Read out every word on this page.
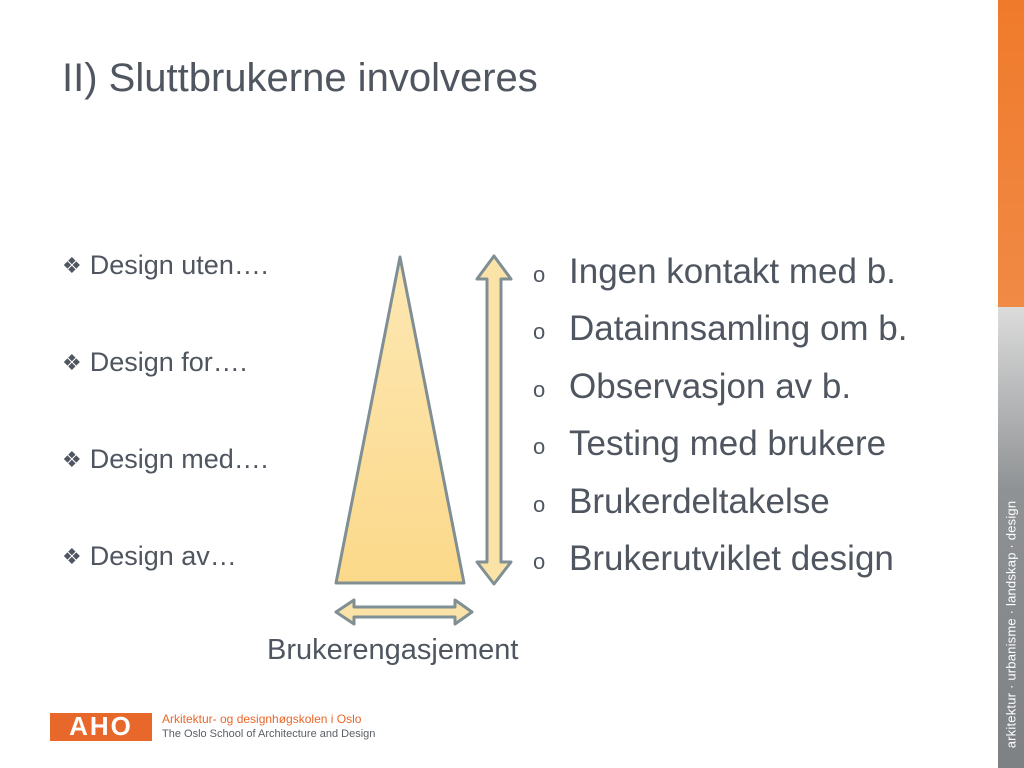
II) Sluttbrukerne involveres
❖ Design uten….
❖ Design for….
❖ Design med….
❖ Design av…
o Ingen kontakt med b.
o Datainnsamling om b.
o Observasjon av b.
o Testing med brukere
o Brukerdeltakelse
o Brukerutviklet design
Brukerengasjement
AHO Arkitektur- og designhøgskolen i Oslo
The Oslo School of Architecture and Design	arkitektur · urbanisme · landskap · design
